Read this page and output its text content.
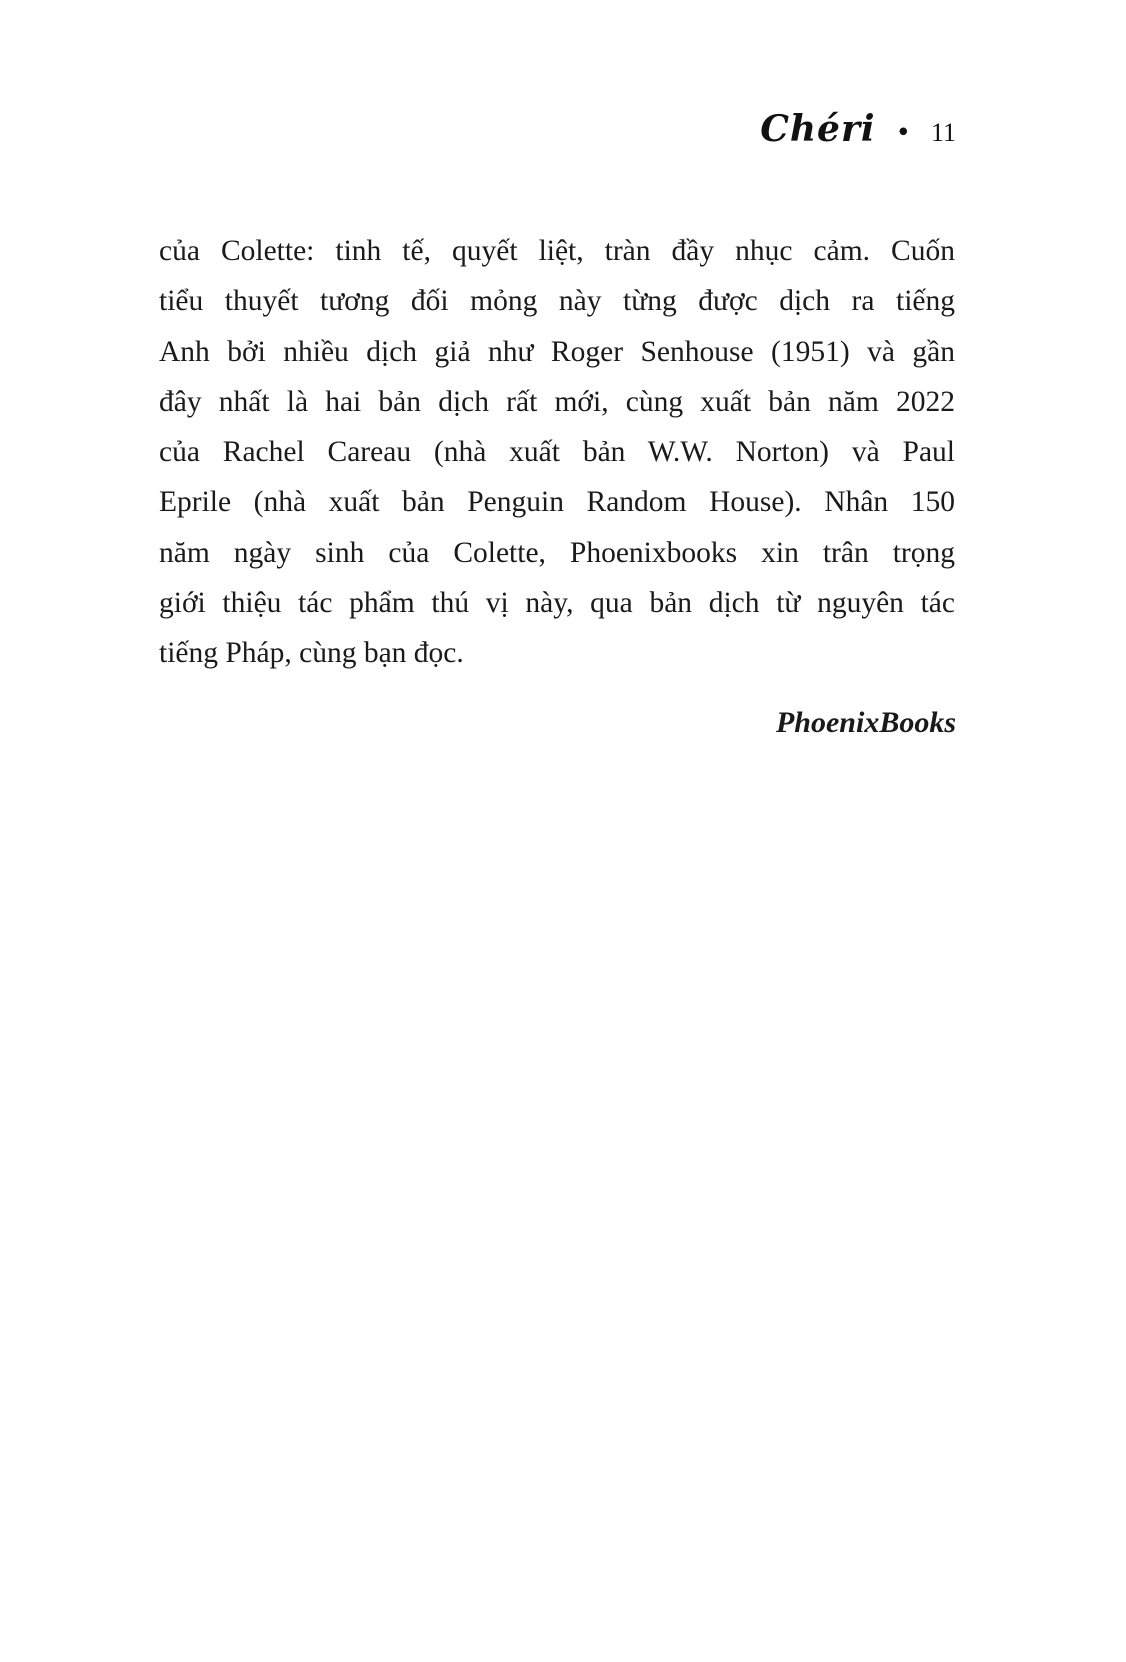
Chéri • 11

của Colette: tinh tế, quyết liệt, tràn đầy nhục cảm. Cuốn
tiểu thuyết tương đối mỏng này từng được dịch ra tiếng
Anh bởi nhiều dịch giả như Roger Senhouse (1951) và gần
đây nhất là hai bản dịch rất mới, cùng xuất bản năm 2022
của Rachel Careau (nhà xuất bản W.W. Norton) và Paul
Eprile (nhà xuất bản Penguin Random House). Nhân 150
năm ngày sinh của Colette, Phoenixbooks xin trân trọng
giới thiệu tác phẩm thú vị này, qua bản dịch từ nguyên tác
tiếng Pháp, cùng bạn đọc.

PhoenixBooks
